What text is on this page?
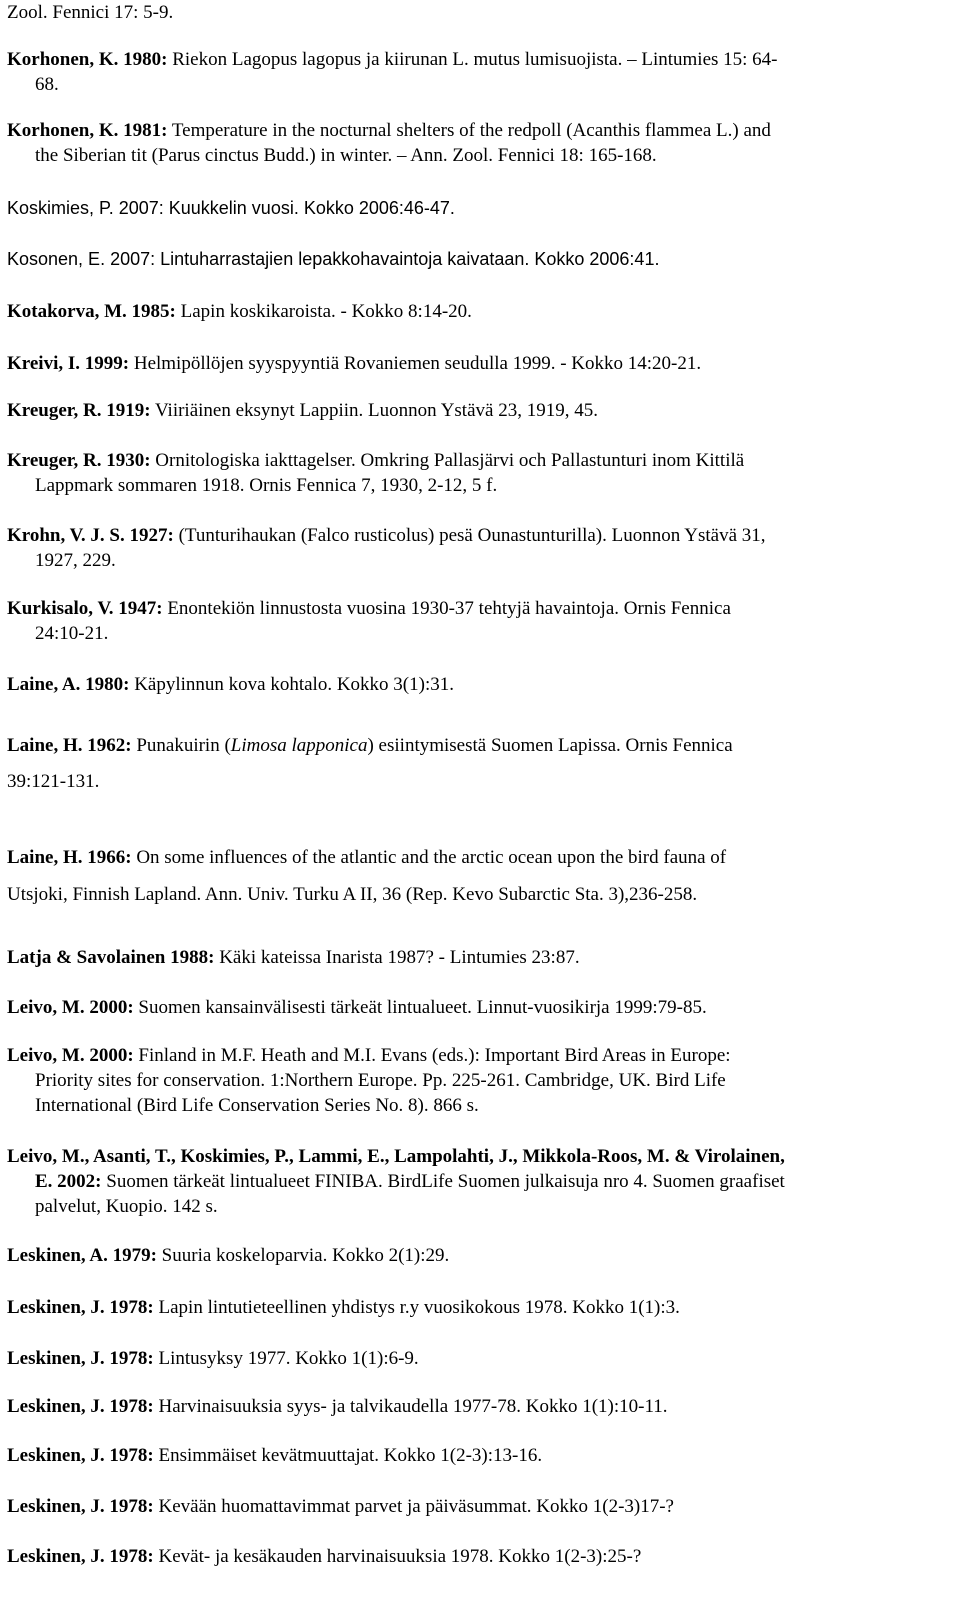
Zool. Fennici 17: 5-9.
Korhonen, K. 1980: Riekon Lagopus lagopus ja kiirunan L. mutus lumisuojista. – Lintumies 15: 64-
68.
Korhonen, K. 1981: Temperature in the nocturnal shelters of the redpoll (Acanthis flammea L.) and
the Siberian tit (Parus cinctus Budd.) in winter. – Ann. Zool. Fennici 18: 165-168.
Koskimies, P. 2007: Kuukkelin vuosi. Kokko 2006:46-47.
Kosonen, E. 2007: Lintuharrastajien lepakkohavaintoja kaivataan. Kokko 2006:41.
Kotakorva, M. 1985: Lapin koskikaroista. - Kokko 8:14-20.
Kreivi, I. 1999: Helmipöllöjen syyspyyntiä Rovaniemen seudulla 1999. - Kokko 14:20-21.
Kreuger, R. 1919: Viiriäinen eksynyt Lappiin. Luonnon Ystävä 23, 1919, 45.
Kreuger, R. 1930: Ornitologiska iakttagelser. Omkring Pallasjärvi och Pallastunturi inom Kittilä
Lappmark sommaren 1918. Ornis Fennica 7, 1930, 2-12, 5 f.
Krohn, V. J. S. 1927: (Tunturihaukan (Falco rusticolus) pesä Ounastunturilla). Luonnon Ystävä 31,
1927, 229.
Kurkisalo, V. 1947: Enontekiön linnustosta vuosina 1930-37 tehtyjä havaintoja. Ornis Fennica
24:10-21.
Laine, A. 1980: Käpylinnun kova kohtalo. Kokko 3(1):31.
Laine, H. 1962: Punakuirin (Limosa lapponica) esiintymisestä Suomen Lapissa. Ornis Fennica
39:121-131.
Laine, H. 1966: On some influences of the atlantic and the arctic ocean upon the bird fauna of
Utsjoki, Finnish Lapland. Ann. Univ. Turku A II, 36 (Rep. Kevo Subarctic Sta. 3),236-258.
Latja & Savolainen 1988: Käki kateissa Inarista 1987? - Lintumies 23:87.
Leivo, M. 2000: Suomen kansainvälisesti tärkeät lintualueet. Linnut-vuosikirja 1999:79-85.
Leivo, M. 2000: Finland in M.F. Heath and M.I. Evans (eds.): Important Bird Areas in Europe:
Priority sites for conservation. 1:Northern Europe. Pp. 225-261. Cambridge, UK. Bird Life
International (Bird Life Conservation Series No. 8). 866 s.
Leivo, M., Asanti, T., Koskimies, P., Lammi, E., Lampolahti, J., Mikkola-Roos, M. & Virolainen,
E. 2002: Suomen tärkeät lintualueet FINIBA. BirdLife Suomen julkaisuja nro 4. Suomen graafiset
palvelut, Kuopio. 142 s.
Leskinen, A. 1979: Suuria koskeloparvia. Kokko 2(1):29.
Leskinen, J. 1978: Lapin lintutieteellinen yhdistys r.y vuosikokous 1978. Kokko 1(1):3.
Leskinen, J. 1978: Lintusyksy 1977. Kokko 1(1):6-9.
Leskinen, J. 1978: Harvinaisuuksia syys- ja talvikaudella 1977-78. Kokko 1(1):10-11.
Leskinen, J. 1978: Ensimmäiset kevätmuuttajat. Kokko 1(2-3):13-16.
Leskinen, J. 1978: Kevään huomattavimmat parvet ja päiväsummat. Kokko 1(2-3)17-?
Leskinen, J. 1978: Kevät- ja kesäkauden harvinaisuuksia 1978. Kokko 1(2-3):25-?
